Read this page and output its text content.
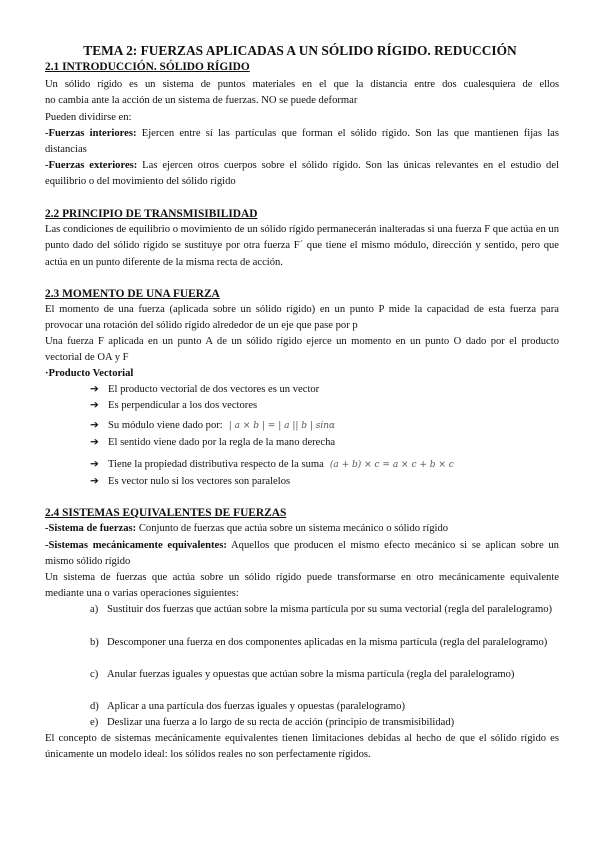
TEMA 2: FUERZAS APLICADAS A UN SÓLIDO RÍGIDO. REDUCCIÓN
2.1 INTRODUCCIÓN. SÓLIDO RÍGIDO
Un sólido rígido es un sistema de puntos materiales en el que la distancia entre dos cualesquiera de ellos
no cambia ante la acción de un sistema de fuerzas. NO se puede deformar
Pueden dividirse en:
-Fuerzas interiores: Ejercen entre sí las partículas que forman el sólido rígido. Son las que mantienen fijas las distancias
-Fuerzas exteriores: Las ejercen otros cuerpos sobre el sólido rígido. Son las únicas relevantes en el estudio del equilibrio o del movimiento del sólido rígido
2.2 PRINCIPIO DE TRANSMISIBILIDAD
Las condiciones de equilibrio o movimiento de un sólido rígido permanecerán inalteradas si una fuerza F que actúa en un punto dado del sólido rígido se sustituye por otra fuerza F´ que tiene el mismo módulo, dirección y sentido, pero que actúa en un punto diferente de la misma recta de acción.
2.3 MOMENTO DE UNA FUERZA
El momento de una fuerza (aplicada sobre un sólido rígido) en un punto P mide la capacidad de esta fuerza para provocar una rotación del sólido rígido alrededor de un eje que pase por p
Una fuerza F aplicada en un punto A de un sólido rígido ejerce un momento en un punto O dado por el producto vectorial de OA y F
·Producto Vectorial
➔ El producto vectorial de dos vectores es un vector
➔ Es perpendicular a los dos vectores
➔ Su módulo viene dado por: | a × b | = | a || b | sinα
➔ El sentido viene dado por la regla de la mano derecha
➔ Tiene la propiedad distributiva respecto de la suma (a + b) × c = a × c + b × c
➔ Es vector nulo si los vectores son paralelos
2.4 SISTEMAS EQUIVALENTES DE FUERZAS
-Sistema de fuerzas: Conjunto de fuerzas que actúa sobre un sistema mecánico o sólido rígido
-Sistemas mecánicamente equivalentes: Aquellos que producen el mismo efecto mecánico si se aplican sobre un mismo sólido rígido
Un sistema de fuerzas que actúa sobre un sólido rígido puede transformarse en otro mecánicamente equivalente mediante una o varias operaciones siguientes:
a) Sustituir dos fuerzas que actúan sobre la misma partícula por su suma vectorial (regla del paralelogramo)
b) Descomponer una fuerza en dos componentes aplicadas en la misma partícula (regla del paralelogramo)
c) Anular fuerzas iguales y opuestas que actúan sobre la misma partícula (regla del paralelogramo)
d) Aplicar a una partícula dos fuerzas iguales y opuestas (paralelogramo)
e) Deslizar una fuerza a lo largo de su recta de acción (principio de transmisibilidad)
El concepto de sistemas mecánicamente equivalentes tienen limitaciones debidas al hecho de que el sólido rígido es únicamente un modelo ideal: los sólidos reales no son perfectamente rígidos.
